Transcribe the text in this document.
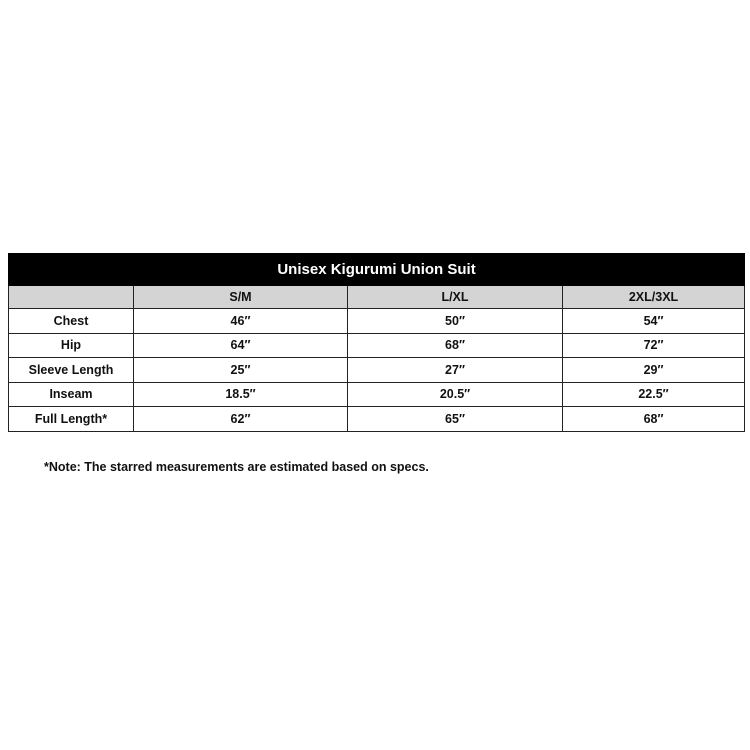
Unisex Kigurumi Union Suit			
	S/M	L/XL	2XL/3XL
Chest	46″	50″	54″
Hip	64″	68″	72″
Sleeve Length	25″	27″	29″
Inseam	18.5″	20.5″	22.5″
Full Length*	62″	65″	68″
*Note: The starred measurements are estimated based on specs.
